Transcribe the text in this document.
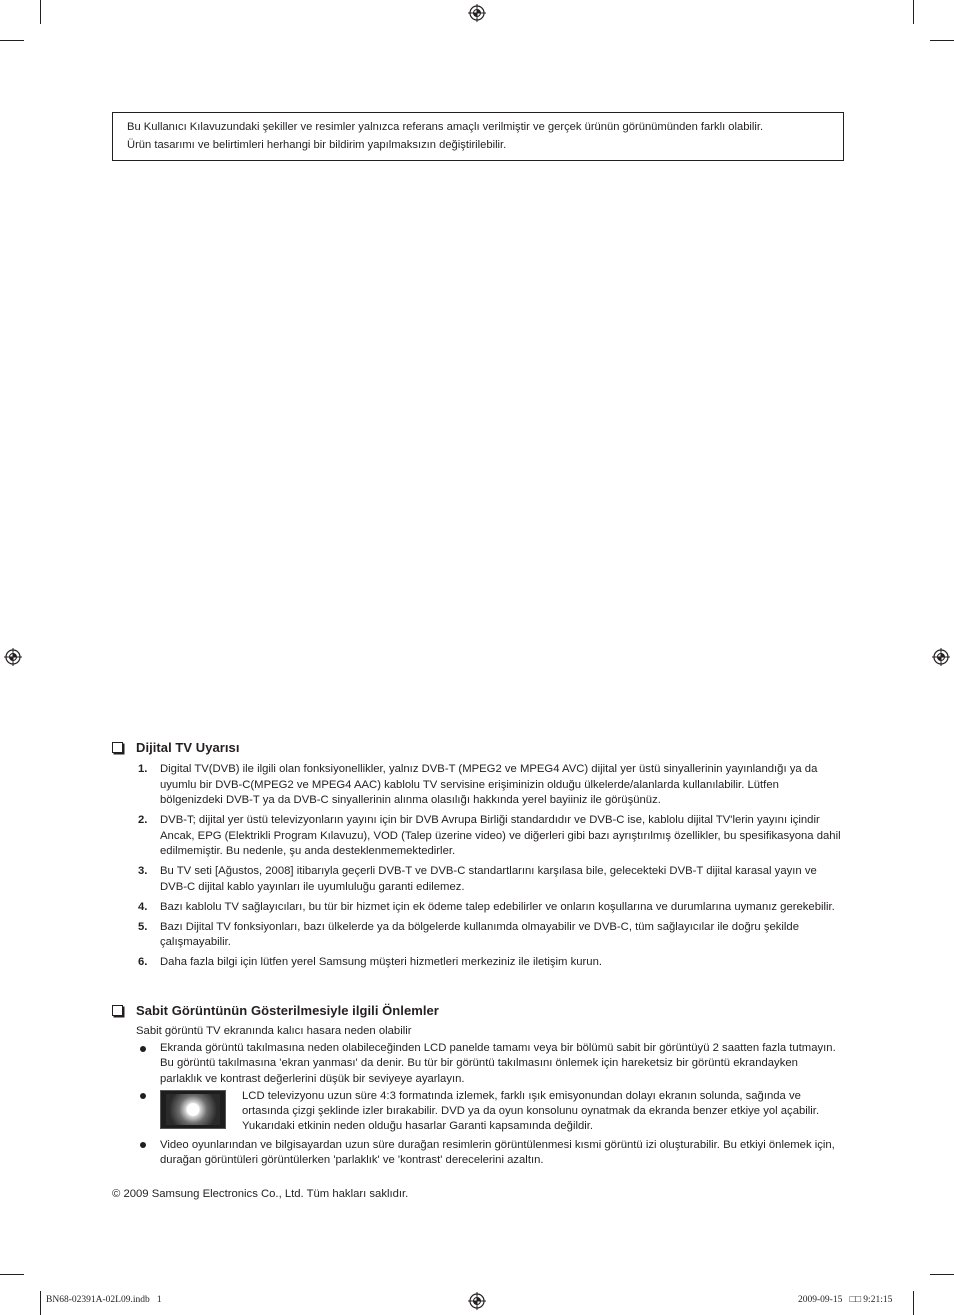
Bu Kullanıcı Kılavuzundaki şekiller ve resimler yalnızca referans amaçlı verilmiştir ve gerçek ürünün görünümünden farklı olabilir.
Ürün tasarımı ve belirtimleri herhangi bir bildirim yapılmaksızın değiştirilebilir.
Dijital TV Uyarısı
1. Digital TV(DVB) ile ilgili olan fonksiyonellikler, yalnız DVB-T (MPEG2 ve MPEG4 AVC) dijital yer üstü sinyallerinin yayınlandığı ya da uyumlu bir DVB-C(MPEG2 ve MPEG4 AAC) kablolu TV servisine erişiminizin olduğu ülkelerde/alanlarda kullanılabilir. Lütfen bölgenizdeki DVB-T ya da DVB-C sinyallerinin alınma olasılığı hakkında yerel bayiiniz ile görüşünüz.
2. DVB-T; dijital yer üstü televizyonların yayını için bir DVB Avrupa Birliği standardıdır ve DVB-C ise, kablolu dijital TV'lerin yayını içindir Ancak, EPG (Elektrikli Program Kılavuzu), VOD (Talep üzerine video) ve diğerleri gibi bazı ayrıştırılmış özellikler, bu spesifikasyona dahil edilmemiştir. Bu nedenle, şu anda desteklenmemektedirler.
3. Bu TV seti [Ağustos, 2008] itibarıyla geçerli DVB-T ve DVB-C standartlarını karşılasa bile, gelecekteki DVB-T dijital karasal yayın ve DVB-C dijital kablo yayınları ile uyumluluğu garanti edilemez.
4. Bazı kablolu TV sağlayıcıları, bu tür bir hizmet için ek ödeme talep edebilirler ve onların koşullarına ve durumlarına uymanız gerekebilir.
5. Bazı Dijital TV fonksiyonları, bazı ülkelerde ya da bölgelerde kullanımda olmayabilir ve DVB-C, tüm sağlayıcılar ile doğru şekilde çalışmayabilir.
6. Daha fazla bilgi için lütfen yerel Samsung müşteri hizmetleri merkeziniz ile iletişim kurun.
Sabit Görüntünün Gösterilmesiyle ilgili Önlemler
Sabit görüntü TV ekranında kalıcı hasara neden olabilir
Ekranda görüntü takılmasına neden olabileceğinden LCD panelde tamamı veya bir bölümü sabit bir görüntüyü 2 saatten fazla tutmayın. Bu görüntü takılmasına 'ekran yanması' da denir. Bu tür bir görüntü takılmasını önlemek için hareketsiz bir görüntü ekrandayken parlaklık ve kontrast değerlerini düşük bir seviyeye ayarlayın.
LCD televizyonu uzun süre 4:3 formatında izlemek, farklı ışık emisyonundan dolayı ekranın solunda, sağında ve ortasında çizgi şeklinde izler bırakabilir. DVD ya da oyun konsolunu oynatmak da ekranda benzer etkiye yol açabilir. Yukarıdaki etkinin neden olduğu hasarlar Garanti kapsamında değildir.
Video oyunlarından ve bilgisayardan uzun süre durağan resimlerin görüntülenmesi kısmi görüntü izi oluşturabilir. Bu etkiyi önlemek için, durağan görüntüleri görüntülerken 'parlaklık' ve 'kontrast' derecelerini azaltın.
© 2009 Samsung Electronics Co., Ltd. Tüm hakları saklıdır.
BN68-02391A-02L09.indb   1	2009-09-15   □□ 9:21:15
